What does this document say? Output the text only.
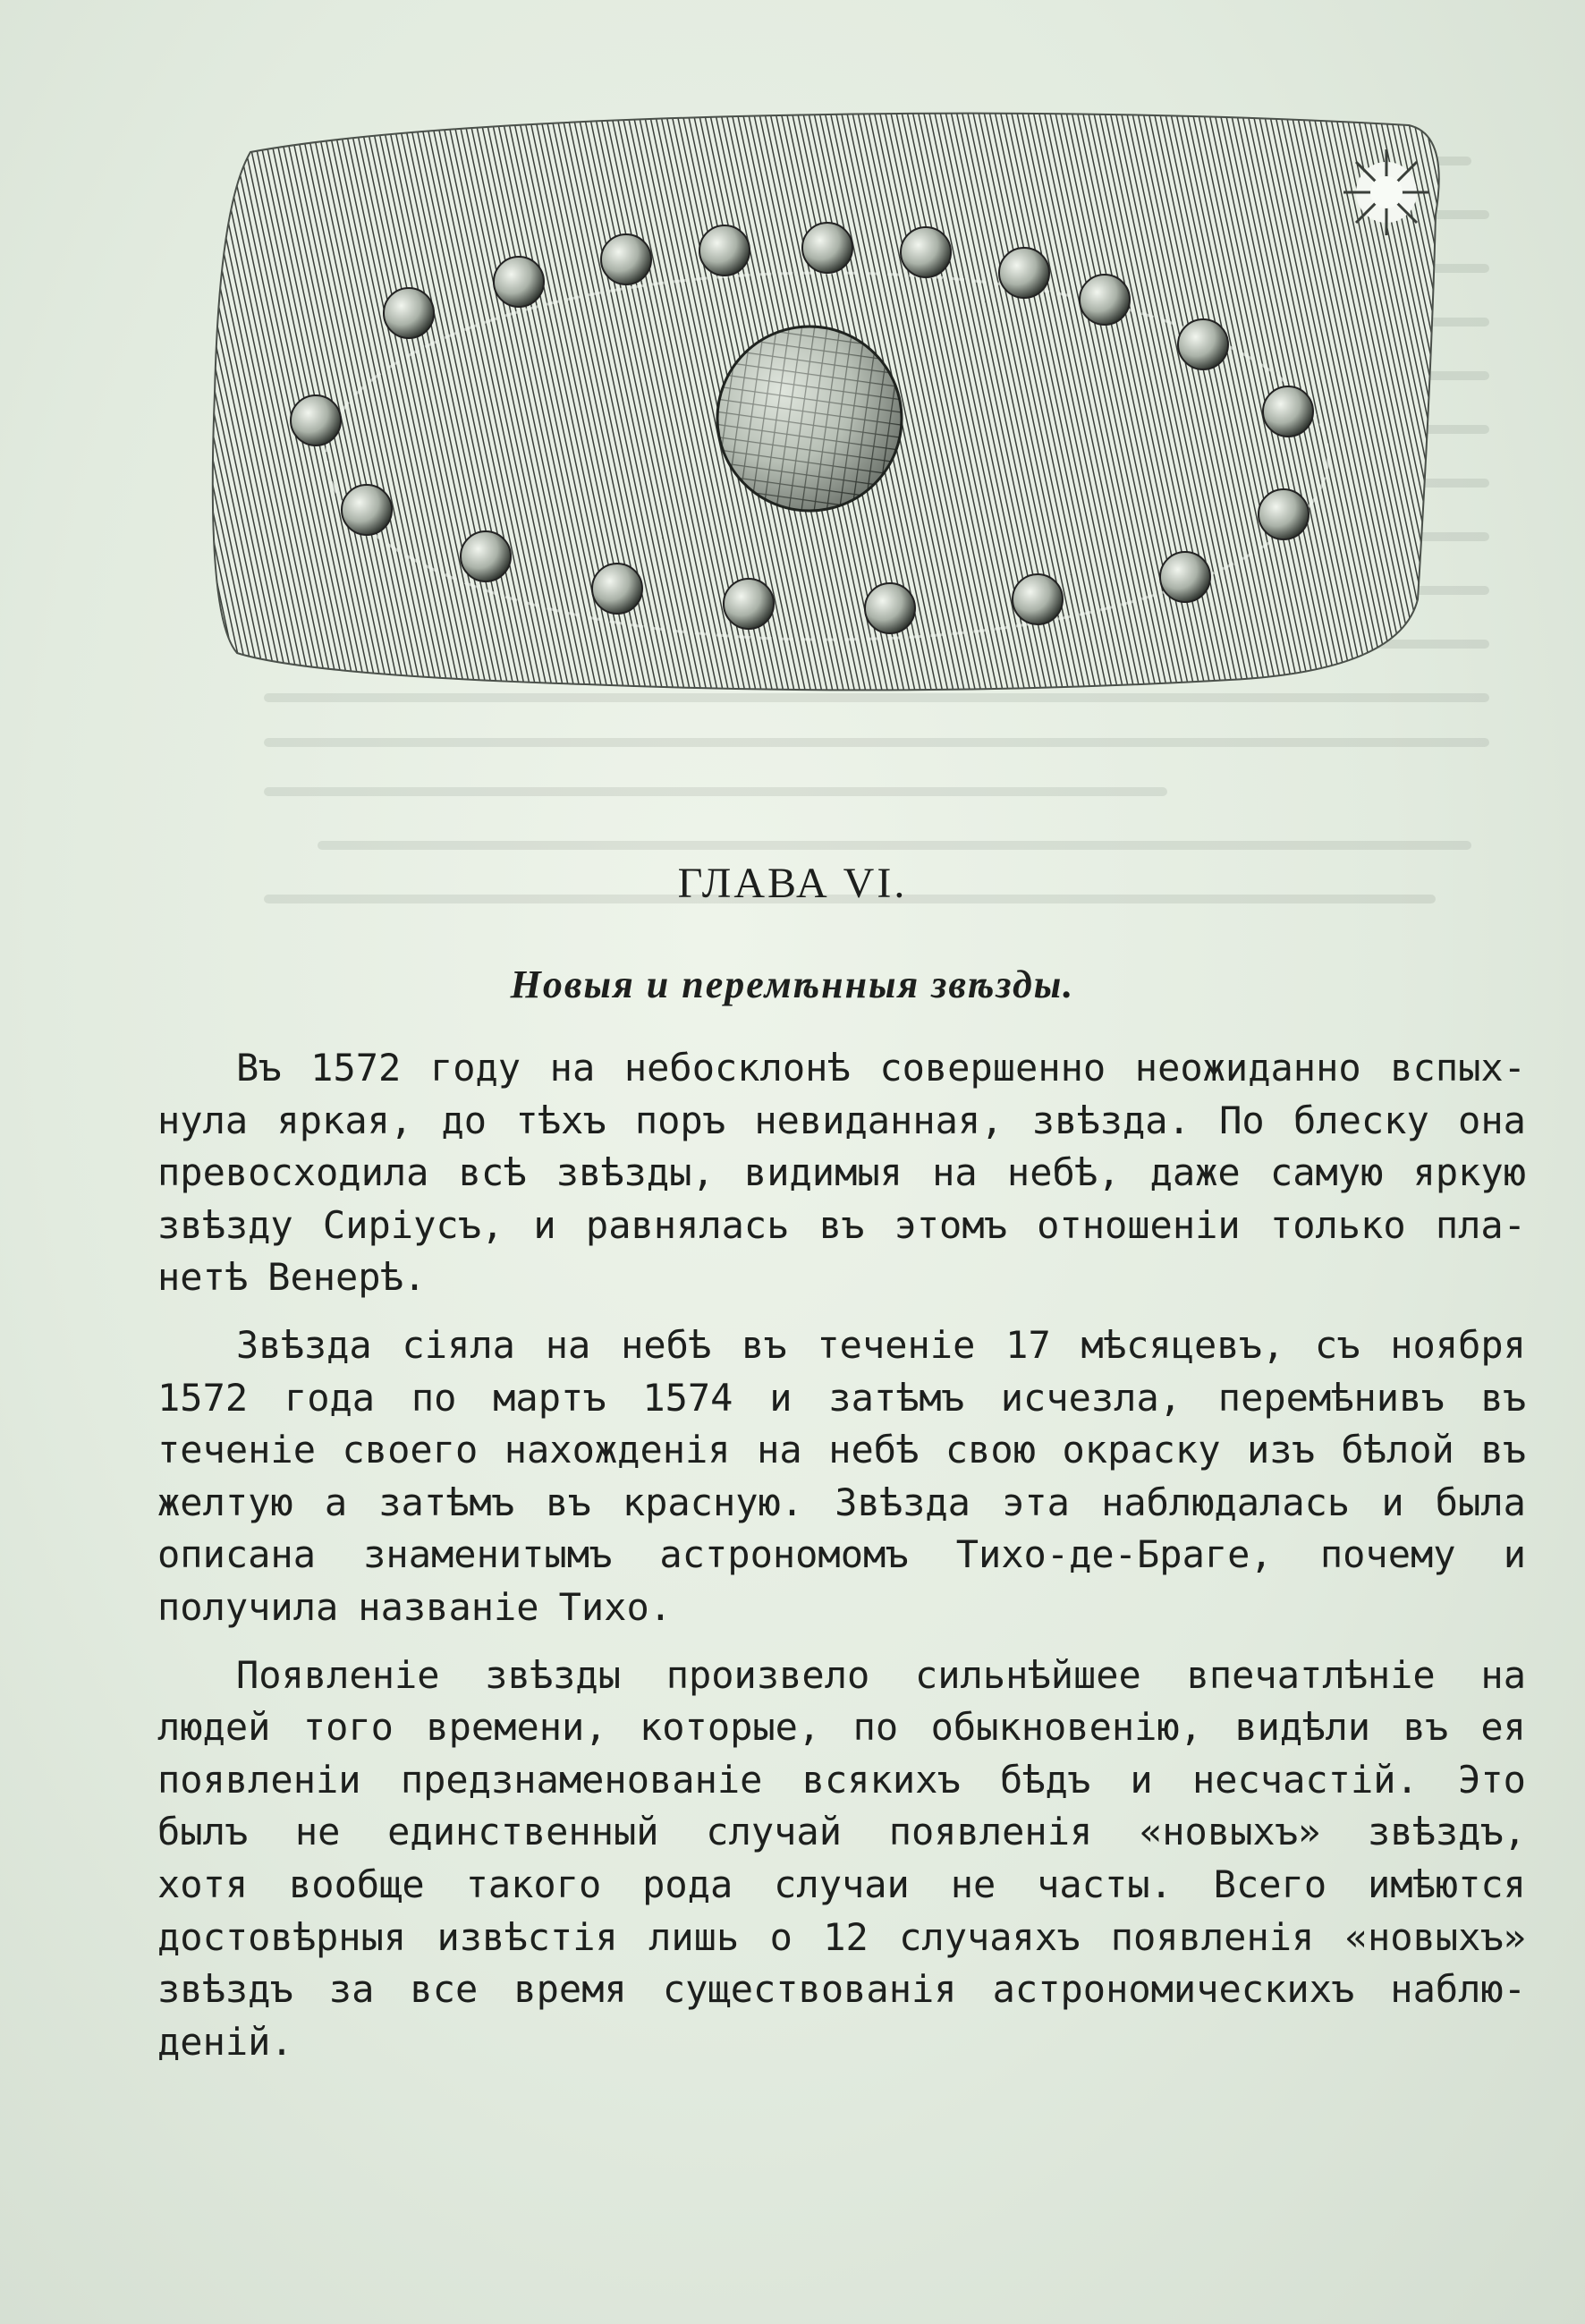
ГЛАВА VI.
Новыя и перемѣнныя звѣзды.
Въ 1572 году на небосклонѣ совершенно неожиданно вспых-
нула яркая, до тѣхъ поръ невиданная, звѣзда. По блеску она
превосходила всѣ звѣзды, видимыя на небѣ, даже самую яркую
звѣзду Сиріусъ, и равнялась въ этомъ отношеніи только пла-
нетѣ Венерѣ.
Звѣзда сіяла на небѣ въ теченіе 17 мѣсяцевъ, съ ноября
1572 года по мартъ 1574 и затѣмъ исчезла, перемѣнивъ въ
теченіе своего нахожденія на небѣ свою окраску изъ бѣлой въ
желтую а затѣмъ въ красную. Звѣзда эта наблюдалась и была
описана знаменитымъ астрономомъ Тихо-де-Браге, почему и
получила названіе Тихо.
Появленіе звѣзды произвело сильнѣйшее впечатлѣніе на
людей того времени, которые, по обыкновенію, видѣли въ ея
появленіи предзнаменованіе всякихъ бѣдъ и несчастій. Это
былъ не единственный случай появленія «новыхъ» звѣздъ,
хотя вообще такого рода случаи не часты. Всего имѣются
достовѣрныя извѣстія лишь о 12 случаяхъ появленія «новыхъ»
звѣздъ за все время существованія астрономическихъ наблю-
деній.
